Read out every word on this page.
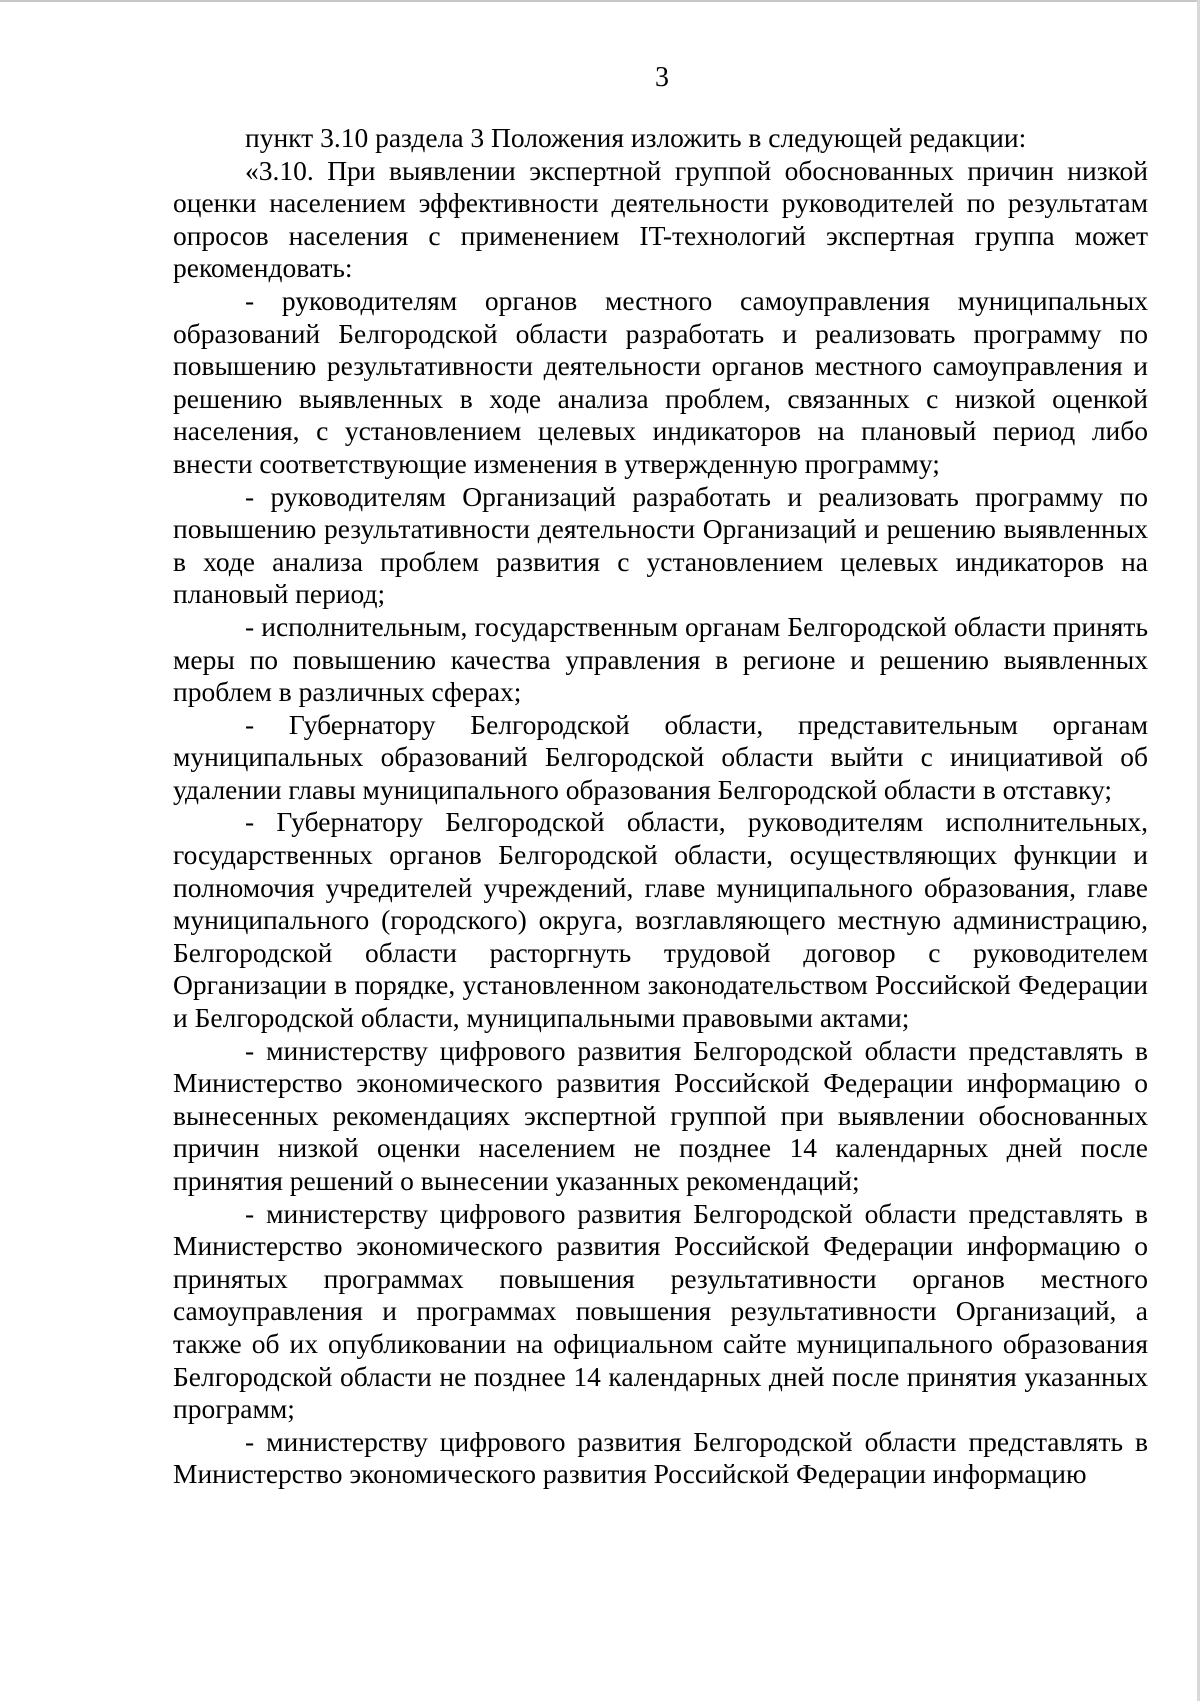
3

пункт 3.10 раздела 3 Положения изложить в следующей редакции:

«3.10. При выявлении экспертной группой обоснованных причин низкой оценки населением эффективности деятельности руководителей по результатам опросов населения с применением IT-технологий экспертная группа может рекомендовать:

- руководителям органов местного самоуправления муниципальных образований Белгородской области разработать и реализовать программу по повышению результативности деятельности органов местного самоуправления и решению выявленных в ходе анализа проблем, связанных с низкой оценкой населения, с установлением целевых индикаторов на плановый период либо внести соответствующие изменения в утвержденную программу;

- руководителям Организаций разработать и реализовать программу по повышению результативности деятельности Организаций и решению выявленных в ходе анализа проблем развития с установлением целевых индикаторов на плановый период;

- исполнительным, государственным органам Белгородской области принять меры по повышению качества управления в регионе и решению выявленных проблем в различных сферах;

- Губернатору Белгородской области, представительным органам муниципальных образований Белгородской области выйти с инициативой об удалении главы муниципального образования Белгородской области в отставку;

- Губернатору Белгородской области, руководителям исполнительных, государственных органов Белгородской области, осуществляющих функции и полномочия учредителей учреждений, главе муниципального образования, главе муниципального (городского) округа, возглавляющего местную администрацию, Белгородской области расторгнуть трудовой договор с руководителем Организации в порядке, установленном законодательством Российской Федерации и Белгородской области, муниципальными правовыми актами;

- министерству цифрового развития Белгородской области представлять в Министерство экономического развития Российской Федерации информацию о вынесенных рекомендациях экспертной группой при выявлении обоснованных причин низкой оценки населением не позднее 14 календарных дней после принятия решений о вынесении указанных рекомендаций;

- министерству цифрового развития Белгородской области представлять в Министерство экономического развития Российской Федерации информацию о принятых программах повышения результативности органов местного самоуправления и программах повышения результативности Организаций, а также об их опубликовании на официальном сайте муниципального образования Белгородской области не позднее 14 календарных дней после принятия указанных программ;

- министерству цифрового развития Белгородской области представлять в Министерство экономического развития Российской Федерации информацию
